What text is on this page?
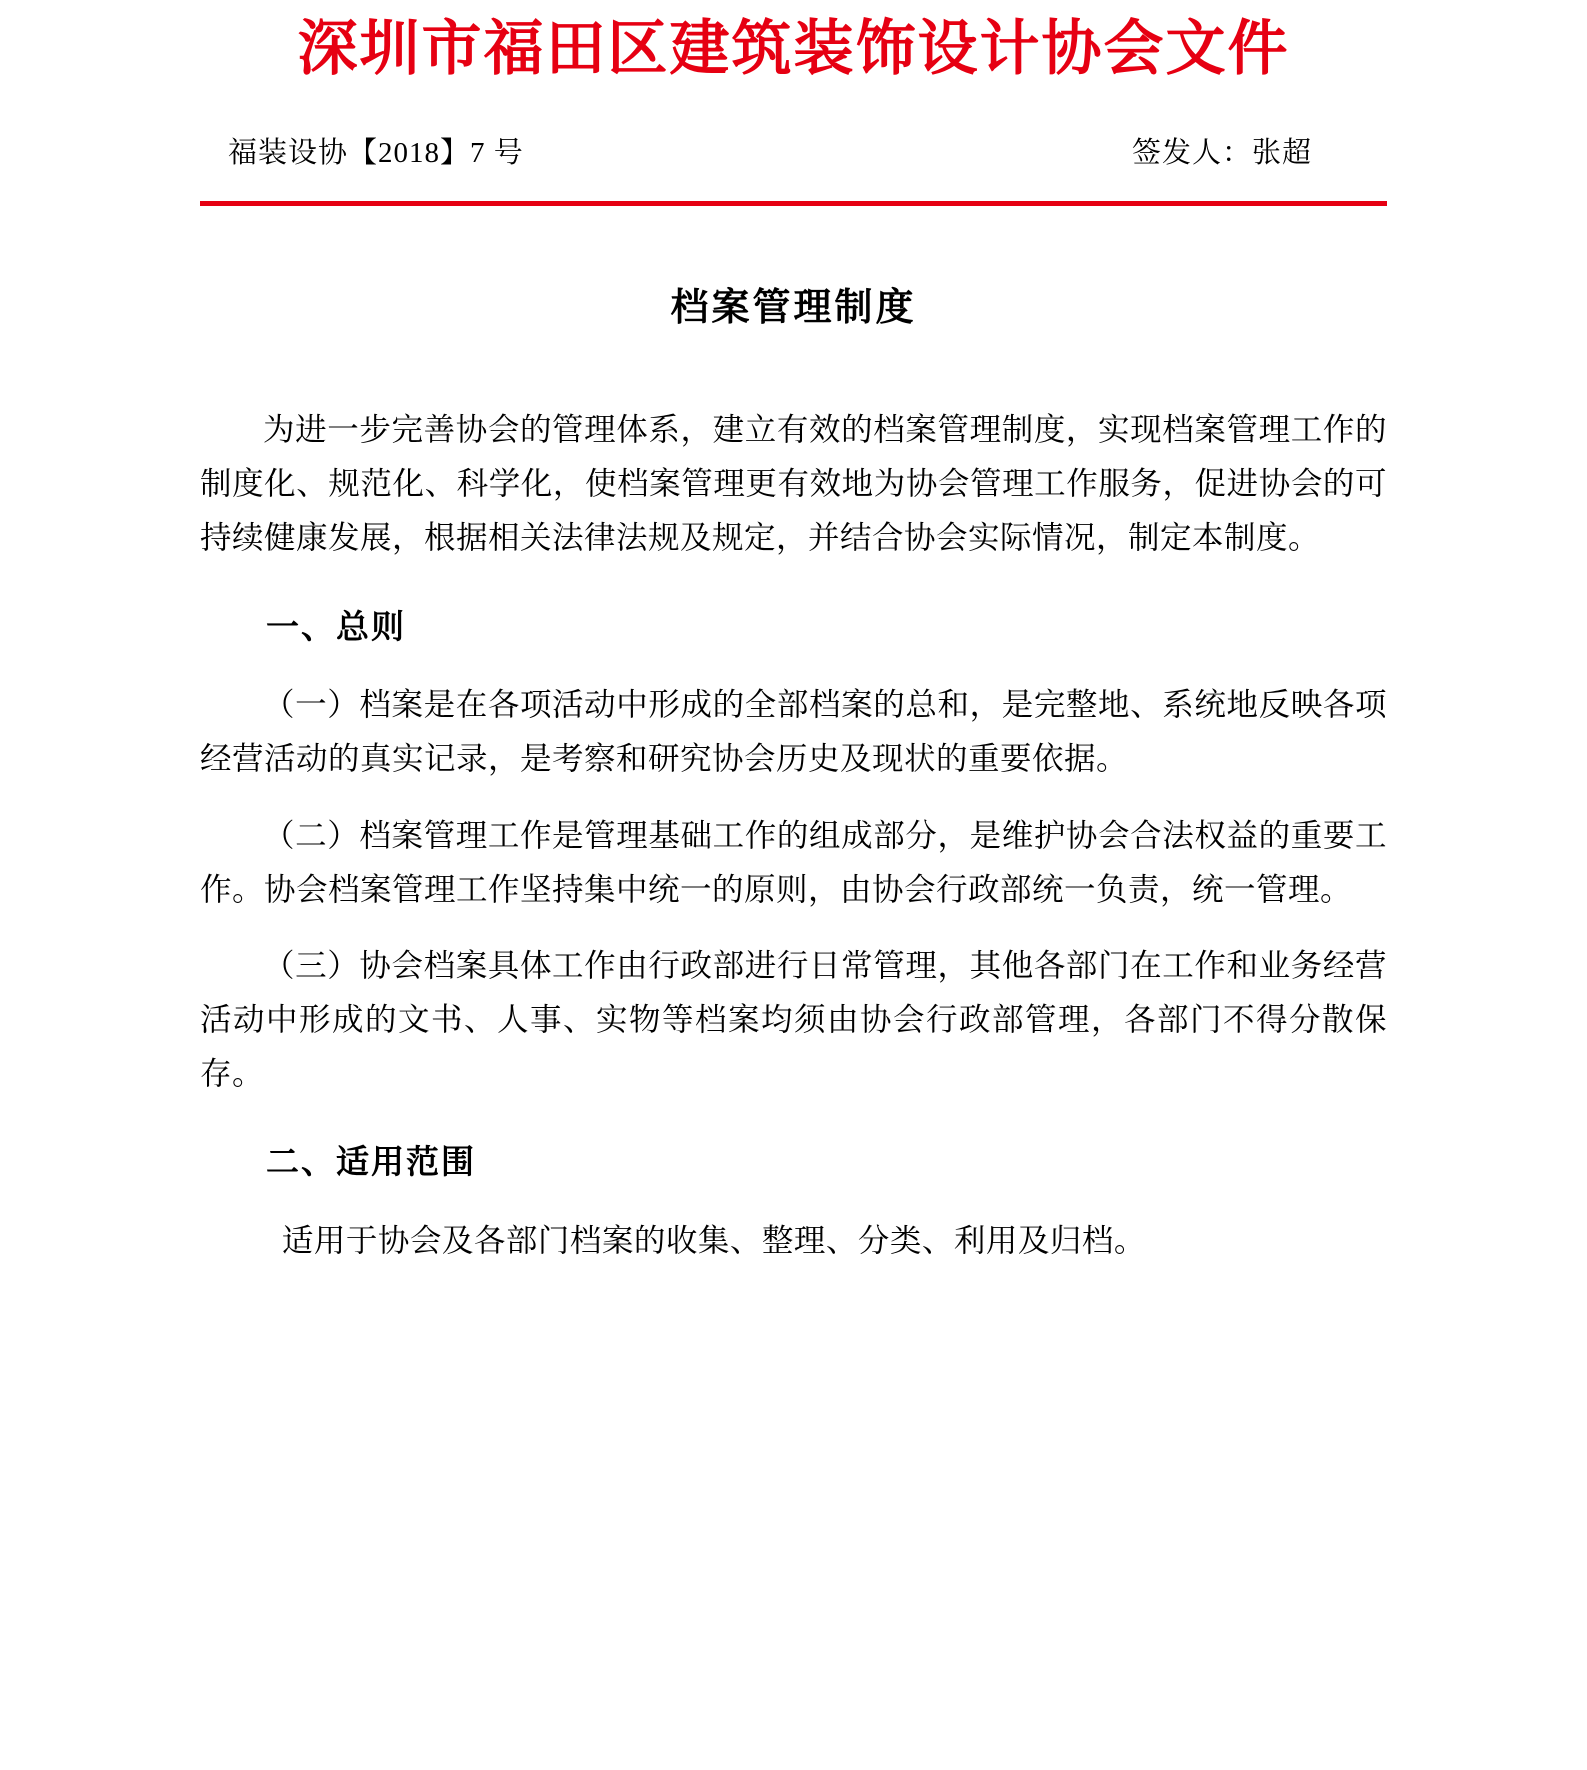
深圳市福田区建筑装饰设计协会文件
福装设协【2018】7 号	签发人：张超
档案管理制度

为进一步完善协会的管理体系，建立有效的档案管理制度，实现档案管理工作的制度化、规范化、科学化，使档案管理更有效地为协会管理工作服务，促进协会的可持续健康发展，根据相关法律法规及规定，并结合协会实际情况，制定本制度。

一、总则

（一）档案是在各项活动中形成的全部档案的总和，是完整地、系统地反映各项经营活动的真实记录，是考察和研究协会历史及现状的重要依据。

（二）档案管理工作是管理基础工作的组成部分，是维护协会合法权益的重要工作。协会档案管理工作坚持集中统一的原则，由协会行政部统一负责，统一管理。

（三）协会档案具体工作由行政部进行日常管理，其他各部门在工作和业务经营活动中形成的文书、人事、实物等档案均须由协会行政部管理，各部门不得分散保存。

二、适用范围

适用于协会及各部门档案的收集、整理、分类、利用及归档。
